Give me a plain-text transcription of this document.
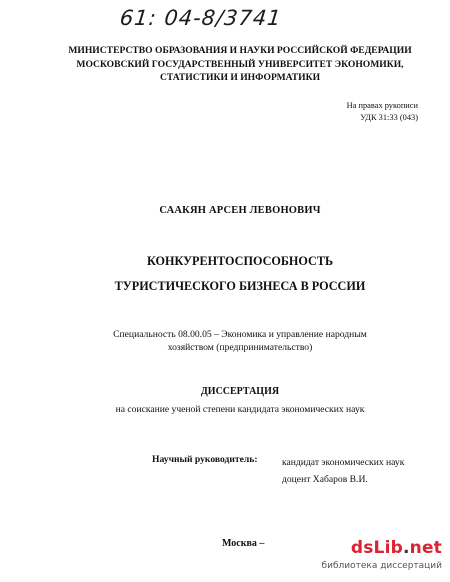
61: 04-8/3741
МИНИСТЕРСТВО ОБРАЗОВАНИЯ И НАУКИ РОССИЙСКОЙ ФЕДЕРАЦИИ
МОСКОВСКИЙ ГОСУДАРСТВЕННЫЙ УНИВЕРСИТЕТ ЭКОНОМИКИ,
СТАТИСТИКИ И ИНФОРМАТИКИ
На правах рукописи
УДК 31:33 (043)
СААКЯН АРСЕН ЛЕВОНОВИЧ
КОНКУРЕНТОСПОСОБНОСТЬ
ТУРИСТИЧЕСКОГО БИЗНЕСА В РОССИИ
Специальность 08.00.05 – Экономика и управление народным
хозяйством (предпринимательство)
ДИССЕРТАЦИЯ
на соискание ученой степени кандидата экономических наук
Научный руководитель:	кандидат экономических наук
доцент Хабаров В.И.
Москва –	dsLib.net
библиотека диссертаций
